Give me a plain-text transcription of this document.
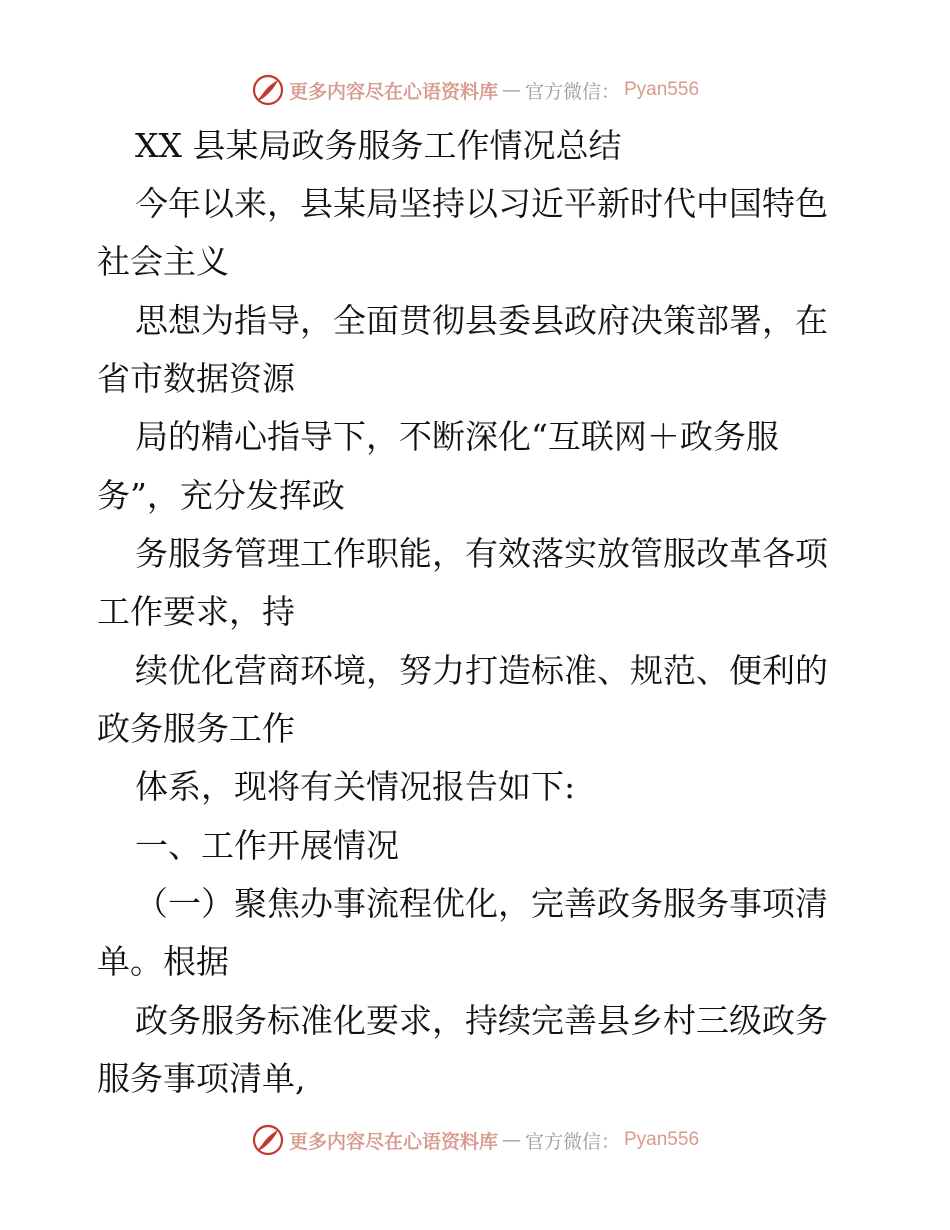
更多内容尽在心语资料库 — 官方微信： Pyan556
XX 县某局政务服务工作情况总结
今年以来，县某局坚持以习近平新时代中国特色
社会主义
思想为指导，全面贯彻县委县政府决策部署，在
省市数据资源
局的精心指导下，不断深化“互联网＋政务服
务”，充分发挥政
务服务管理工作职能，有效落实放管服改革各项
工作要求，持
续优化营商环境，努力打造标准、规范、便利的
政务服务工作
体系，现将有关情况报告如下:
一、工作开展情况
（一）聚焦办事流程优化，完善政务服务事项清
单。根据
政务服务标准化要求，持续完善县乡村三级政务
服务事项清单,
更多内容尽在心语资料库 — 官方微信： Pyan556
